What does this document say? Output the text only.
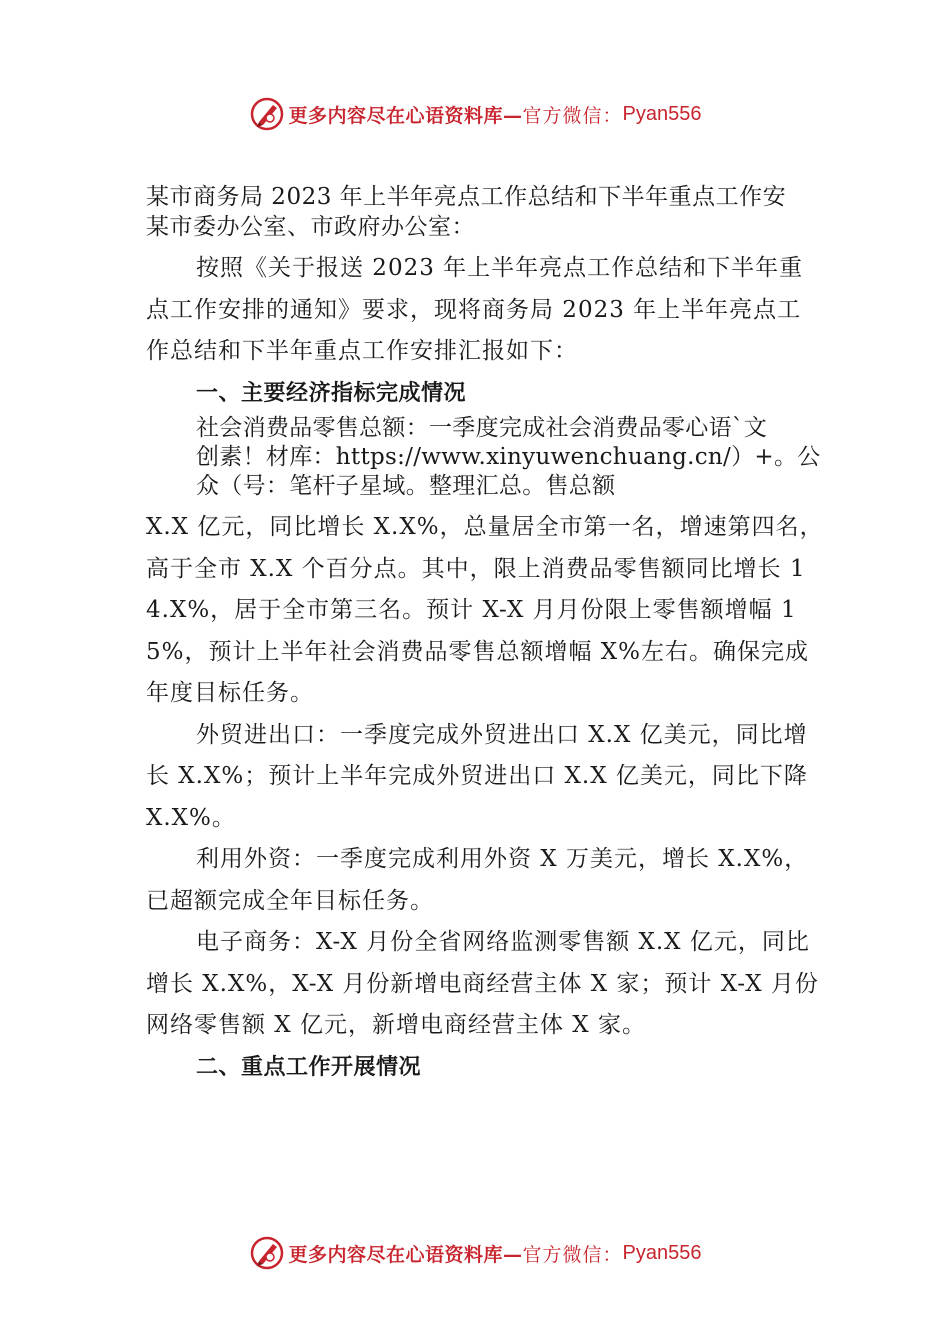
更多内容尽在心语资料库— 官方微信： Pyan556
某市商务局 2023 年上半年亮点工作总结和下半年重点工作安
某市委办公室、市政府办公室：
按照《关于报送 2023 年上半年亮点工作总结和下半年重点工作安排的通知》要求，现将商务局 2023 年上半年亮点工作总结和下半年重点工作安排汇报如下：
一、主要经济指标完成情况
社会消费品零售总额：一季度完成社会消费品零心语`文
创素！材库：https://www.xinyuwenchuang.cn/）+。公
众（号：笔杆子星域。整理汇总。售总额
X.X 亿元，同比增长 X.X%，总量居全市第一名，增速第四名，高于全市 X.X 个百分点。其中，限上消费品零售额同比增长 14.X%，居于全市第三名。预计 X-X 月月份限上零售额增幅 15%，预计上半年社会消费品零售总额增幅 X%左右。确保完成年度目标任务。
外贸进出口：一季度完成外贸进出口 X.X 亿美元，同比增长 X.X%；预计上半年完成外贸进出口 X.X 亿美元，同比下降 X.X%。
利用外资：一季度完成利用外资 X 万美元，增长 X.X%，已超额完成全年目标任务。
电子商务：X-X 月份全省网络监测零售额 X.X 亿元，同比增长 X.X%，X-X 月份新增电商经营主体 X 家；预计 X-X 月份网络零售额 X 亿元，新增电商经营主体 X 家。
二、重点工作开展情况
更多内容尽在心语资料库— 官方微信： Pyan556
